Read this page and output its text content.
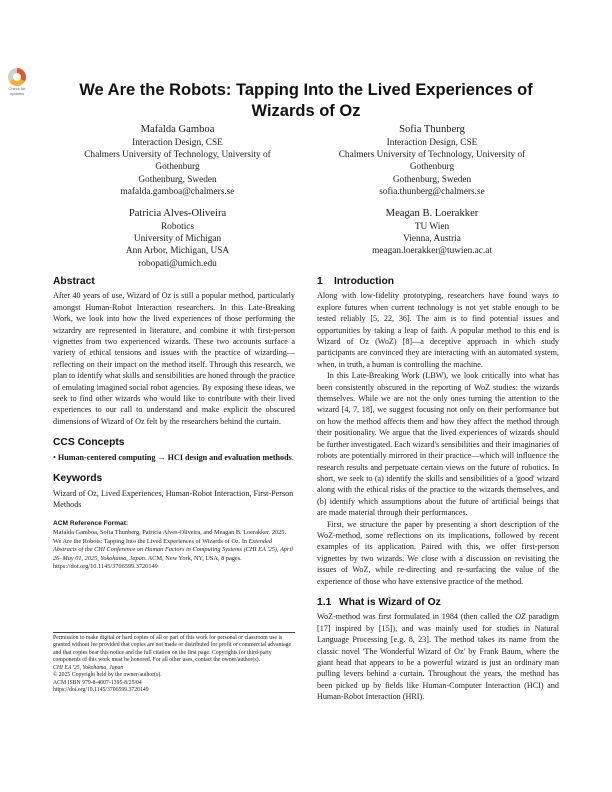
Check for
updates	We Are the Robots: Tapping Into the Lived Experiences of Wizards of Oz
Mafalda Gamboa
Interaction Design, CSE
Chalmers University of Technology, University of
Gothenburg
Gothenburg, Sweden
mafalda.gamboa@chalmers.se
Sofia Thunberg
Interaction Design, CSE
Chalmers University of Technology, University of
Gothenburg
Gothenburg, Sweden
sofia.thunberg@chalmers.se
Patricia Alves-Oliveira
Robotics
University of Michigan
Ann Arbor, Michigan, USA
robopati@umich.edu
Meagan B. Loerakker
TU Wien
Vienna, Austria
meagan.loerakker@tuwien.ac.at
Abstract

After 40 years of use, Wizard of Oz is still a popular method, particularly amongst Human-Robot Interaction researchers. In this Late-Breaking Work, we look into how the lived experiences of those performing the wizardry are represented in literature, and combine it with first-person vignettes from two experienced wizards. These two accounts surface a variety of ethical tensions and issues with the practice of wizarding—reflecting on their impact on the method itself. Through this research, we plan to identify what skills and sensibilities are honed through the practice of emulating imagined social robot agencies. By exposing these ideas, we seek to find other wizards who would like to contribute with their lived experiences to our call to understand and make explicit the obscured dimensions of Wizard of Oz felt by the researchers behind the curtain.

CCS Concepts

• Human-centered computing → HCI design and evaluation methods.

Keywords

Wizard of Oz, Lived Experiences, Human-Robot Interaction, First-Person Methods

ACM Reference Format:
Mafalda Gamboa, Sofia Thunberg, Patricia Alves-Oliveira, and Meagan B. Loerakker. 2025. We Are the Robots: Tapping Into the Lived Experiences of Wizards of Oz. In Extended Abstracts of the CHI Conference on Human Factors in Computing Systems (CHI EA '25), April 26–May 01, 2025, Yokohama, Japan. ACM, New York, NY, USA, 8 pages. https://doi.org/10.1145/3706599.3720149
Permission to make digital or hard copies of all or part of this work for personal or classroom use is granted without fee provided that copies are not made or distributed for profit or commercial advantage and that copies bear this notice and the full citation on the first page. Copyrights for third-party components of this work must be honored. For all other uses, contact the owner/author(s).
CHI EA '25, Yokohama, Japan
© 2025 Copyright held by the owner/author(s).
ACM ISBN 979-8-4007-1395-8/25/04
https://doi.org/10.1145/3706599.3720149
1 Introduction

Along with low-fidelity prototyping, researchers have found ways to explore futures when current technology is not yet stable enough to be tested reliably [5, 22, 36]. The aim is to find potential issues and opportunities by taking a leap of faith. A popular method to this end is Wizard of Oz (WoZ) [8]—a deceptive approach in which study participants are convinced they are interacting with an automated system, when, in truth, a human is controlling the machine.

In this Late-Breaking Work (LBW), we look critically into what has been consistently obscured in the reporting of WoZ studies: the wizards themselves. While we are not the only ones turning the attention to the wizard [4, 7, 18], we suggest focusing not only on their performance but on how the method affects them and how they affect the method through their positionality. We argue that the lived experiences of wizards should be further investigated. Each wizard's sensibilities and their imaginaries of robots are potentially mirrored in their practice—which will influence the research results and perpetuate certain views on the future of robotics. In short, we seek to (a) identify the skills and sensibilities of a 'good' wizard along with the ethical risks of the practice to the wizards themselves, and (b) identify which assumptions about the future of artificial beings that are made material through their performances.

First, we structure the paper by presenting a short description of the WoZ-method, some reflections on its implications, followed by recent examples of its application. Paired with this, we offer first-person vignettes by two wizards. We close with a discussion on revisiting the issues of WoZ, while re-directing and re-surfacing the value of the experience of those who have extensive practice of the method.

1.1 What is Wizard of Oz

WoZ-method was first formulated in 1984 (then called the OZ paradigm [17] inspired by [15]), and was mainly used for studies in Natural Language Processing [e.g. 8, 23]. The method takes its name from the classic novel 'The Wonderful Wizard of Oz' by Frank Baum, where the giant head that appears to be a powerful wizard is just an ordinary man pulling levers behind a curtain. Throughout the years, the method has been picked up by fields like Human-Computer Interaction (HCI) and Human-Robot Interaction (HRI).
